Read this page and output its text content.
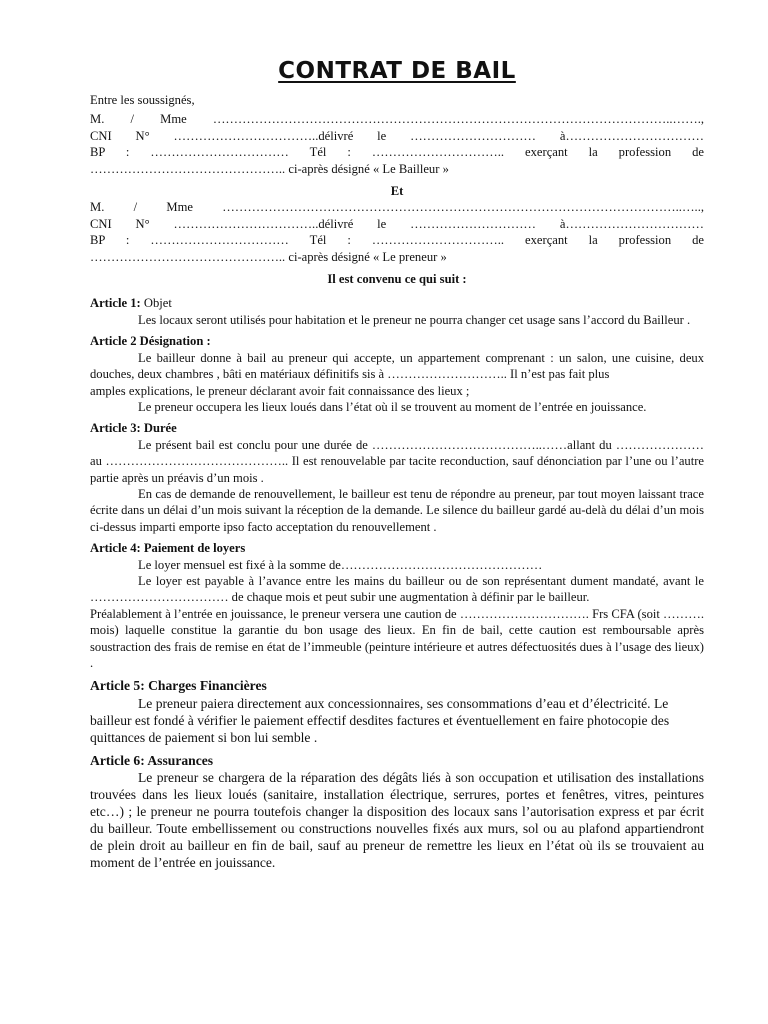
CONTRAT DE BAIL

Entre les soussignés,

M. / Mme ………………………………………………………………………………………………..…….,

CNI N° ……………………………..délivré le ………………………… à……………………………

BP : …………………………… Tél : ………………………….. exerçant la profession de

……………………………………….. ci-après désigné « Le Bailleur »

Et

M. / Mme ………………………………………………………………………………………………..…..,

CNI N° ……………………………..délivré le ………………………… à……………………………

BP : …………………………… Tél : ………………………….. exerçant la profession de

……………………………………….. ci-après désigné « Le preneur »

Il est convenu ce qui suit :

Article 1: Objet

Les locaux seront utilisés pour habitation et le preneur ne pourra changer cet usage sans l’accord du Bailleur .

Article 2 Désignation :

Le bailleur donne à bail au preneur qui accepte, un appartement comprenant : un salon, une cuisine, deux douches, deux chambres , bâti en matériaux définitifs sis à ……………………….. Il n’est pas fait plus

amples explications, le preneur déclarant avoir fait connaissance des lieux ;

Le preneur occupera les lieux loués dans l’état où il se trouvent au moment de l’entrée en jouissance.

Article 3: Durée

Le présent bail est conclu pour une durée de …………………………………..……allant du ………………… au …………………………………….. Il est renouvelable par tacite reconduction, sauf dénonciation par l’une ou l’autre partie après un préavis d’un mois .

En cas de demande de renouvellement, le bailleur est tenu de répondre au preneur, par tout moyen laissant trace écrite dans un délai d’un mois suivant la réception de la demande. Le silence du bailleur gardé au-delà du délai d’un mois ci-dessus imparti emporte ipso facto acceptation du renouvellement .

Article 4: Paiement de loyers

Le loyer mensuel est fixé à la somme de…………………………………………

Le loyer est payable à l’avance entre les mains du bailleur ou de son représentant dument mandaté, avant le …………………………… de chaque mois et peut subir une augmentation à définir par le bailleur.

Préalablement à l’entrée en jouissance, le preneur versera une caution de …………………………. Frs CFA (soit ………. mois) laquelle constitue la garantie du bon usage des lieux. En fin de bail, cette caution est remboursable après soustraction des frais de remise en état de l’immeuble (peinture intérieure et autres défectuosités dues à l’usage des lieux) .

Article 5: Charges Financières

Le preneur paiera directement aux concessionnaires, ses consommations d’eau et d’électricité. Le bailleur est fondé à vérifier le paiement effectif desdites factures et éventuellement en faire photocopie des quittances de paiement si bon lui semble .

Article 6: Assurances

Le preneur se chargera de la réparation des dégâts liés à son occupation et utilisation des installations trouvées dans les lieux loués (sanitaire, installation électrique, serrures, portes et fenêtres, vitres, peintures etc…) ; le preneur ne pourra toutefois changer la disposition des locaux sans l’autorisation express et par écrit du bailleur. Toute embellissement ou constructions nouvelles fixés aux murs, sol ou au plafond appartiendront de plein droit au bailleur en fin de bail, sauf au preneur de remettre les lieux en l’état où ils se trouvaient au moment de l’entrée en jouissance.
